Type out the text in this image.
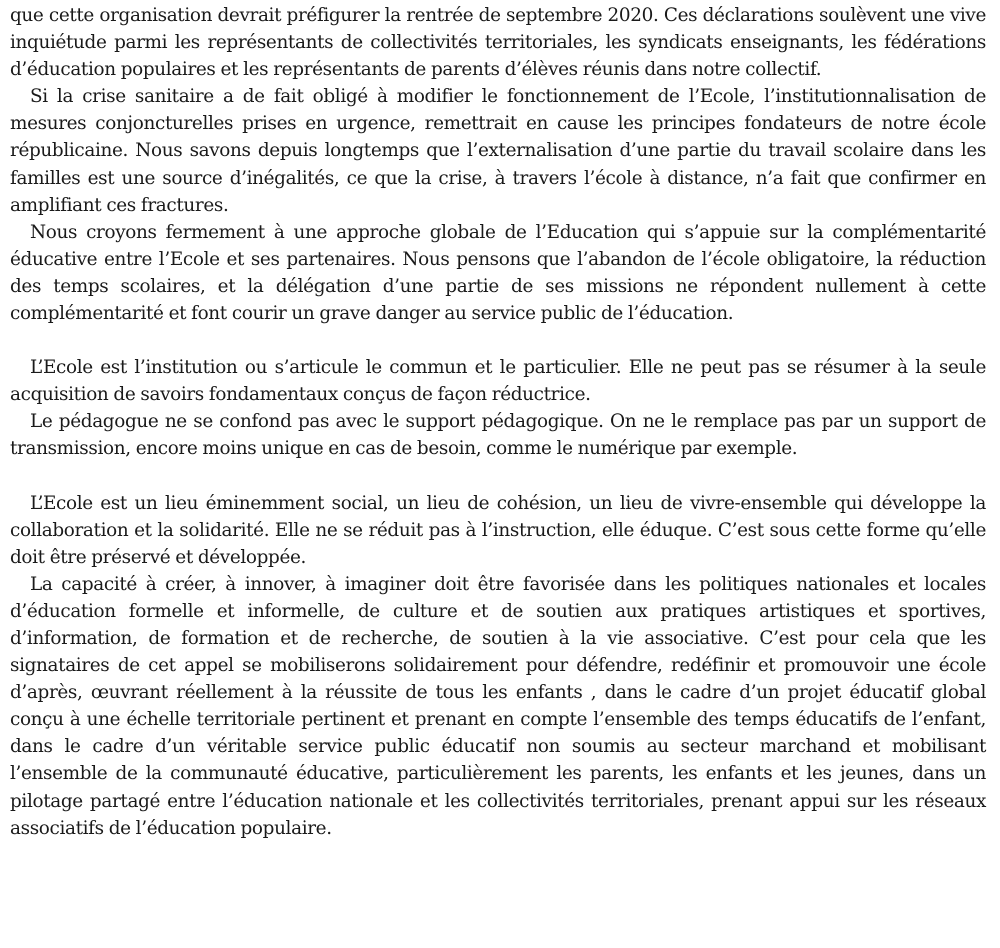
que cette organisation devrait préfigurer la rentrée de septembre 2020. Ces déclarations soulèvent une vive inquiétude parmi les représentants de collectivités territoriales, les syndicats enseignants, les fédérations d’éducation populaires et les représentants de parents d’élèves réunis dans notre collectif.

Si la crise sanitaire a de fait obligé à modifier le fonctionnement de l’Ecole, l’institutionnalisation de mesures conjoncturelles prises en urgence, remettrait en cause les principes fondateurs de notre école républicaine. Nous savons depuis longtemps que l’externalisation d’une partie du travail scolaire dans les familles est une source d’inégalités, ce que la crise, à travers l’école à distance, n’a fait que confirmer en amplifiant ces fractures.

Nous croyons fermement à une approche globale de l’Education qui s’appuie sur la complémentarité éducative entre l’Ecole et ses partenaires. Nous pensons que l’abandon de l’école obligatoire, la réduction des temps scolaires, et la délégation d’une partie de ses missions ne répondent nullement à cette complémentarité et font courir un grave danger au service public de l’éducation.

L’Ecole est l’institution ou s’articule le commun et le particulier. Elle ne peut pas se résumer à la seule acquisition de savoirs fondamentaux conçus de façon réductrice.

Le pédagogue ne se confond pas avec le support pédagogique. On ne le remplace pas par un support de transmission, encore moins unique en cas de besoin, comme le numérique par exemple.

L’Ecole est un lieu éminemment social, un lieu de cohésion, un lieu de vivre-ensemble qui développe la collaboration et la solidarité. Elle ne se réduit pas à l’instruction, elle éduque. C’est sous cette forme qu’elle doit être préservé et développée.

La capacité à créer, à innover, à imaginer doit être favorisée dans les politiques nationales et locales d’éducation formelle et informelle, de culture et de soutien aux pratiques artistiques et sportives, d’information, de formation et de recherche, de soutien à la vie associative. C’est pour cela que les signataires de cet appel se mobiliserons solidairement pour défendre, redéfinir et promouvoir une école d’après, œuvrant réellement à la réussite de tous les enfants , dans le cadre d’un projet éducatif global conçu à une échelle territoriale pertinent et prenant en compte l’ensemble des temps éducatifs de l’enfant, dans le cadre d’un véritable service public éducatif non soumis au secteur marchand et mobilisant l’ensemble de la communauté éducative, particulièrement les parents, les enfants et les jeunes, dans un pilotage partagé entre l’éducation nationale et les collectivités territoriales, prenant appui sur les réseaux associatifs de l’éducation populaire.
